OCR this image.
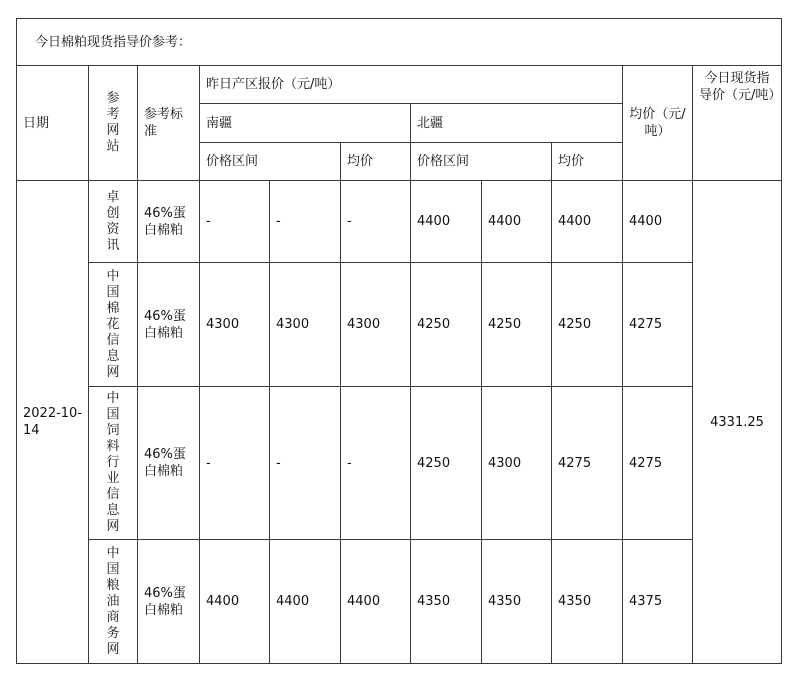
今日棉粕现货指导价参考：										
日期	参考网站	参考标准	昨日产区报价（元/吨）						均价（元/吨）	今日现货指导价（元/吨）
			南疆			北疆				
			价格区间		均价	价格区间		均价		
2022-10-14	卓创资讯	46%蛋白棉粕	-	-	-	4400	4400	4400	4400	4331.25
	中国棉花信息网	46%蛋白棉粕	4300	4300	4300	4250	4250	4250	4275	
	中国饲料行业信息网	46%蛋白棉粕	-	-	-	4250	4300	4275	4275	
	中国粮油商务网	46%蛋白棉粕	4400	4400	4400	4350	4350	4350	4375	
